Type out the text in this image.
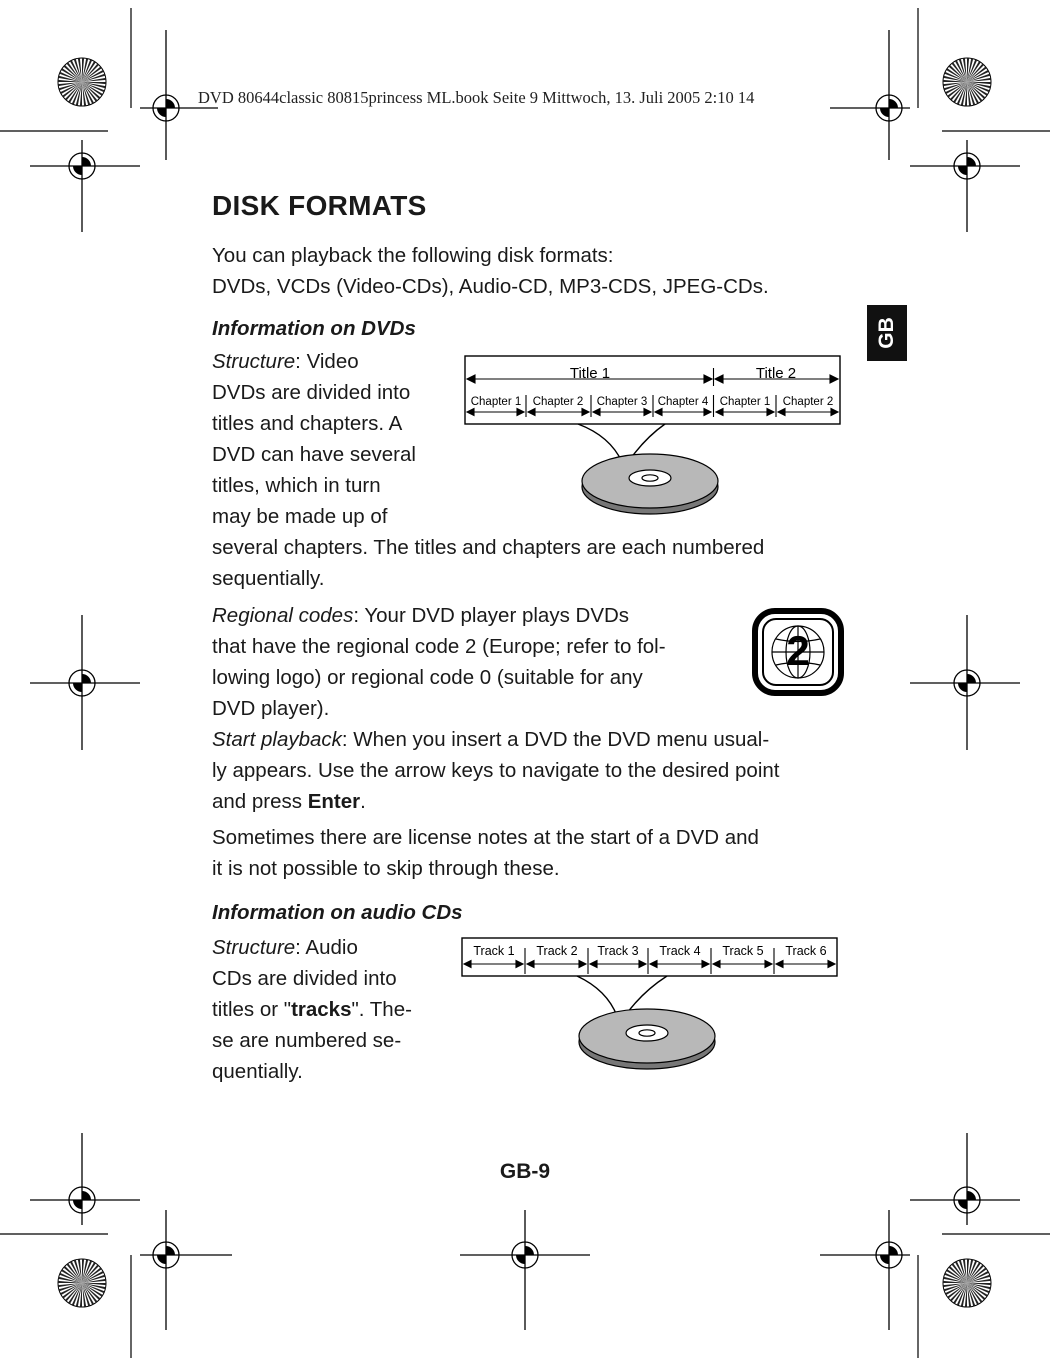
DVD 80644classic 80815princess ML.book Seite 9 Mittwoch, 13. Juli 2005 2:10 14
GB
DISK FORMATS
You can playback the following disk formats:
DVDs, VCDs (Video-CDs), Audio-CD, MP3-CDS, JPEG-CDs.
Information on DVDs
Structure: Video
DVDs are divided into
titles and chapters. A
DVD can have several
titles, which in turn
may be made up of
several chapters. The titles and chapters are each numbered
sequentially.
Title 1	Title 2
Chapter 1 Chapter 2 Chapter 3 Chapter 4 Chapter 1 Chapter 2
Regional codes: Your DVD player plays DVDs
that have the regional code 2 (Europe; refer to fol-
lowing logo) or regional code 0 (suitable for any
DVD player).
2
Start playback: When you insert a DVD the DVD menu usual-
ly appears. Use the arrow keys to navigate to the desired point
and press Enter.
Sometimes there are license notes at the start of a DVD and
it is not possible to skip through these.
Information on audio CDs
Structure: Audio
CDs are divided into
titles or "tracks". The-
se are numbered se-
quentially.
Track 1 Track 2 Track 3 Track 4 Track 5 Track 6
GB-9
